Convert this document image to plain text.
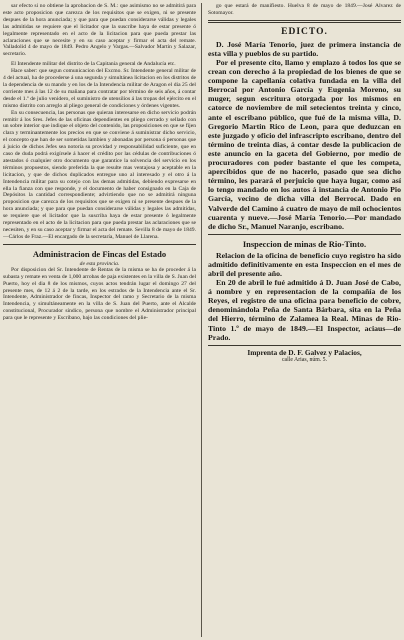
sar efecto si no obtiene la aprobacion de S. M.: que asimismo no se admitirá para este acto proposicion que carezca de los requisitos que se exigen, ni se presente despues de la hora anunciada; y que para que puedan considerarse válidas y legales las admitidas se requiere que el licitador que la suscribe haya de estar presente ó legalmente representado en el acto de la licitacion para que pueda prestar las aclaraciones que se necesite y en su caso aceptar y firmar el acta del remate. Valladolid 4 de mayo de 1849. Pedro Angelo y Vargas.—Salvador Martin y Salazar, secretario.

El Intendente militar del distrito de la Capitanía general de Andalucía etc.

Hace saber: que segun comunicacion del Excmo. Sr. Intendente general militar de 4 del actual, ha de procederse á una segunda y simultánea licitacion en los distritos de la dependencia de su mando y en los de la Intendencia militar de Aragon el dia 25 del corriente mes á las 12 de su mañana para contratar por término de seis años, á contar desde el 1.º de julio venidero, el suministro de utensilios á las tropas del ejército en el mismo distrito con arreglo al pliego general de condiciones y órdenes vigentes.

En su consecuencia, las personas que quieran interesarse en dicho servicio podrán remitir á los Sres. Jefes de las oficinas dependientes en pliego cerrado y sellado con un sobre interior que indique el objeto del contenido, las proposiciones en que se fijen clara y terminantemente los precios en que se conviene á suministrar dicho servicio, el concepto que han de ser sometidas lambien y abonadas por persona ó personas que á juicio de dichos Jefes sea notoria su providad y responsabilidad suficiente, que en caso de duda podrá exigírsele á hacer el crédito por las cédulas de contribuciones ó atestados ó cualquier otro documento que garantice la solvencia del servicio en los términos propuestos, siendo preferida la que resulte mas ventajosa y aceptable en la licitacion, y que de dichos duplicados entregue uno al interesado y el otro á la Intendencia militar para su cotejo con las demas admitidas, debiendo expresarse en ella la fianza con que responde, y el documento de haber consignado en la Caja de Depósitos la cantidad correspondiente; advirtiendo que no se admitirá ninguna proposicion que carezca de los requisitos que se exigen ni se presente despues de la hora anunciada; y que para que puedan considerarse válidas y legales las admitidas, se requiere que el licitador que la suscriba haya de estar presente ó legalmente representado en el acto de la licitacion para que pueda prestar las aclaraciones que se necesiten, y en su caso aceptar y firmar el acta del remate. Sevilla 8 de mayo de 1849.—Cárlos de Fraz.—El encargado de la secretaría, Manuel de Llarena.

Administracion de Fincas del Estado

de esta provincia.

Por disposicion del Sr. Intendente de Rentas de la misma se ha de proceder á la subasta y remate en venta de 1,000 arrobas de paja existentes en la villa de S. Juan del Puerto, hoy el dia 8 de los mismos, cuyos actos tendrán lugar el domingo 27 del presente mes, de 12 á 2 de la tarde, en los estrados de la Intendencia ante el Sr. Intendente, Administrador de fincas, Inspector del ramo y Secretario de la misma Intendencia, y simultáneamente en la villa de S. Juan del Puerto, ante el Alcalde constitucional, Procurador síndico, persona que nombre el Administrador principal para que le represente y Escribano, bajo las condiciones del plie-

go que estará de manifiesto. Huelva 8 de mayo de 1849.—José Alvarez de Sotomayor.

EDICTO.

D. José María Tenorio, juez de primera instancia de esta villa y pueblos de su partido.

Por el presente cito, llamo y emplazo á todos los que se crean con derecho á la propiedad de los bienes de que se compone la capellanía colativa fundada en la villa del Berrocal por Antonio García y Eugenia Moreno, su muger, segun escritura otorgada por los mismos en catorce de noviembre de mil setecientos treinta y cinco, ante el escribano público, que fué de la misma villa, D. Gregorio Martin Rico de Leon, para que deduzcan en este juzgado y oficio del infrascripto escribano, dentro del término de treinta dias, á contar desde la publicacion de este anuncio en la gaceta del Gobierno, por medio de procuradores con poder bastante el que les competa, apercibidos que de no hacerlo, pasado que sea dicho término, les parará el perjuicio que haya lugar, como así lo tengo mandado en los autos á instancia de Antonio Pio García, vecino de dicha villa del Berrocal. Dado en Valverde del Camino á cuatro de mayo de mil ochocientos cuarenta y nueve.—José María Tenorio.—Por mandado de dicho Sr., Manuel Naranjo, escribano.

Inspeccion de minas de Rio-Tinto.

Relacion de la oficina de beneficio cuyo registro ha sido admitido definitivamente en esta Inspeccion en el mes de abril del presente año.

En 20 de abril le fué admitido á D. Juan José de Cabo, á nombre y en representacion de la compañía de los Reyes, el registro de una oficina para beneficio de cobre, denominándola Peña de Santa Bárbara, sita en la Peña del Hierro, término de Zalamea la Real. Minas de Rio-Tinto 1.º de mayo de 1849.—El Inspector, aciaus—de Prado.

Imprenta de D. F. Galvez y Palacios,

calle Arias, núm. 5.
